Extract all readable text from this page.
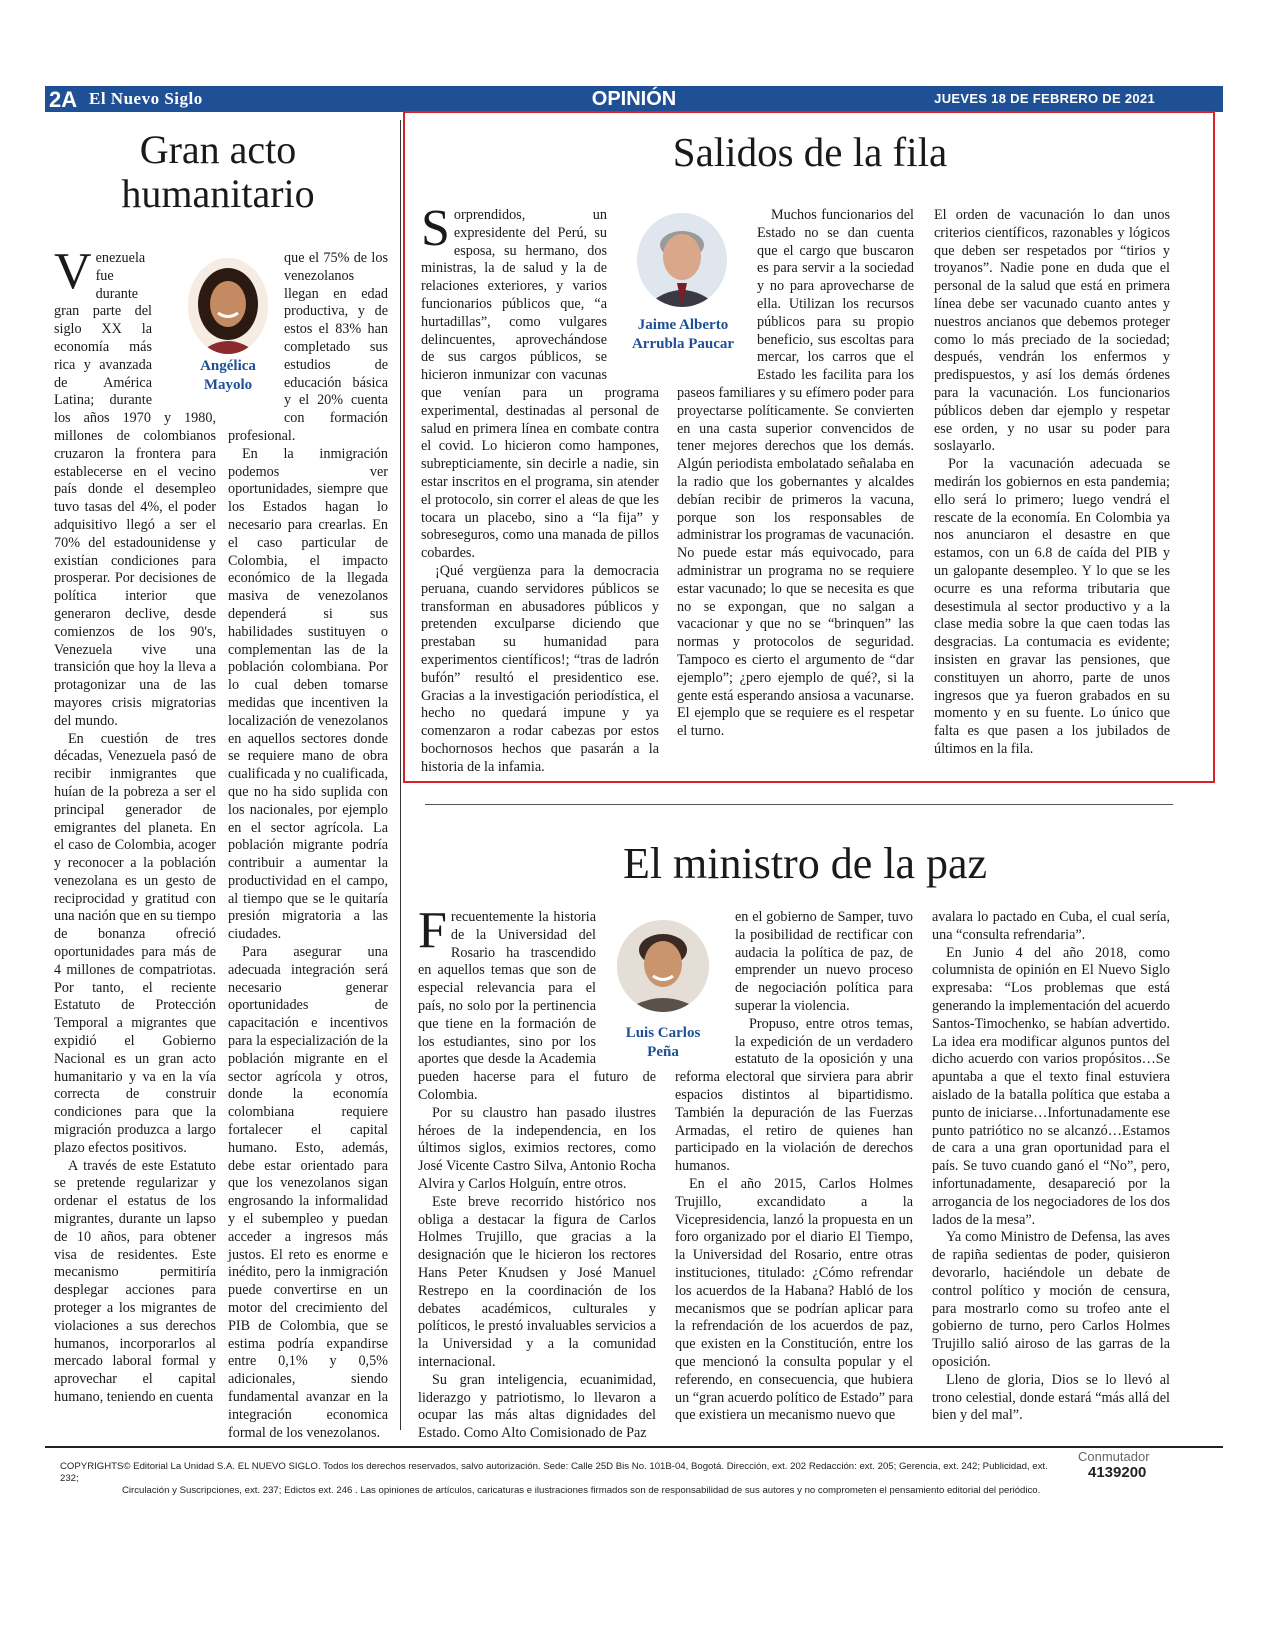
2A El Nuevo Siglo	OPINIÓN	JUEVES 18 DE FEBRERO DE 2021
Gran acto
humanitario
Angélica
Mayolo

Venezuela fue durante gran parte del siglo XX la economía más rica y avanzada de América Latina; durante los años 1970 y 1980, millones de colombianos cruzaron la frontera para establecerse en el vecino país donde el desempleo tuvo tasas del 4%, el poder adquisitivo llegó a ser el 70% del estadounidense y existían condiciones para prosperar. Por decisiones de política interior que generaron declive, desde comienzos de los 90's, Venezuela vive una transición que hoy la lleva a protagonizar una de las mayores crisis migratorias del mundo.

En cuestión de tres décadas, Venezuela pasó de recibir inmigrantes que huían de la pobreza a ser el principal generador de emigrantes del planeta. En el caso de Colombia, acoger y reconocer a la población venezolana es un gesto de reciprocidad y gratitud con una nación que en su tiempo de bonanza ofreció oportunidades para más de 4 millones de compatriotas. Por tanto, el reciente Estatuto de Protección Temporal a migrantes que expidió el Gobierno Nacional es un gran acto humanitario y va en la vía correcta de construir condiciones para que la migración produzca a largo plazo efectos positivos.

A través de este Estatuto se pretende regularizar y ordenar el estatus de los migrantes, durante un lapso de 10 años, para obtener visa de residentes. Este mecanismo permitiría desplegar acciones para proteger a los migrantes de violaciones a sus derechos humanos, incorporarlos al mercado laboral formal y aprovechar el capital humano, teniendo en cuenta

que el 75% de los venezolanos llegan en edad productiva, y de estos el 83% han completado sus estudios de educación básica y el 20% cuenta con formación profesional.

En la inmigración podemos ver oportunidades, siempre que los Estados hagan lo necesario para crearlas. En el caso particular de Colombia, el impacto económico de la llegada masiva de venezolanos dependerá si sus habilidades sustituyen o complementan las de la población colombiana. Por lo cual deben tomarse medidas que incentiven la localización de venezolanos en aquellos sectores donde se requiere mano de obra cualificada y no cualificada, que no ha sido suplida con los nacionales, por ejemplo en el sector agrícola. La población migrante podría contribuir a aumentar la productividad en el campo, al tiempo que se le quitaría presión migratoria a las ciudades.

Para asegurar una adecuada integración será necesario generar oportunidades de capacitación e incentivos para la especialización de la población migrante en el sector agrícola y otros, donde la economía colombiana requiere fortalecer el capital humano. Esto, además, debe estar orientado para que los venezolanos sigan engrosando la informalidad y el subempleo y puedan acceder a ingresos más justos. El reto es enorme e inédito, pero la inmigración puede convertirse en un motor del crecimiento del PIB de Colombia, que se estima podría expandirse entre 0,1% y 0,5% adicionales, siendo fundamental avanzar en la integración economica formal de los venezolanos.

Salidos de la fila
Jaime Alberto
Arrubla Paucar

Sorprendidos, un expresidente del Perú, su esposa, su hermano, dos ministras, la de salud y la de relaciones exteriores, y varios funcionarios públicos que, “a hurtadillas”, como vulgares delincuentes, aprovechándose de sus cargos públicos, se hicieron inmunizar con vacunas que venían para un programa experimental, destinadas al personal de salud en primera línea en combate contra el covid. Lo hicieron como hampones, subrepticiamente, sin decirle a nadie, sin estar inscritos en el programa, sin atender el protocolo, sin correr el aleas de que les tocara un placebo, sino a “la fija” y sobreseguros, como una manada de pillos cobardes.

¡Qué vergüenza para la democracia peruana, cuando servidores públicos se transforman en abusadores públicos y pretenden exculparse diciendo que prestaban su humanidad para experimentos científicos!; “tras de ladrón bufón” resultó el presidentico ese. Gracias a la investigación periodística, el hecho no quedará impune y ya comenzaron a rodar cabezas por estos bochornosos hechos que pasarán a la historia de la infamia.

Muchos funcionarios del Estado no se dan cuenta que el cargo que buscaron es para servir a la sociedad y no para aprovecharse de ella. Utilizan los recursos públicos para su propio beneficio, sus escoltas para mercar, los carros que el Estado les facilita para los paseos familiares y su efímero poder para proyectarse políticamente. Se convierten en una casta superior convencidos de tener mejores derechos que los demás. Algún periodista embolatado señalaba en la radio que los gobernantes y alcaldes debían recibir de primeros la vacuna, porque son los responsables de administrar los programas de vacunación. No puede estar más equivocado, para administrar un programa no se requiere estar vacunado; lo que se necesita es que no se expongan, que no salgan a vacacionar y que no se “brinquen” las normas y protocolos de seguridad. Tampoco es cierto el argumento de “dar ejemplo”; ¿pero ejemplo de qué?, si la gente está esperando ansiosa a vacunarse. El ejemplo que se requiere es el respetar el turno.

El orden de vacunación lo dan unos criterios científicos, razonables y lógicos que deben ser respetados por “tirios y troyanos”. Nadie pone en duda que el personal de la salud que está en primera línea debe ser vacunado cuanto antes y nuestros ancianos que debemos proteger como lo más preciado de la sociedad; después, vendrán los enfermos y predispuestos, y así los demás órdenes para la vacunación. Los funcionarios públicos deben dar ejemplo y respetar ese orden, y no usar su poder para soslayarlo.

Por la vacunación adecuada se medirán los gobiernos en esta pandemia; ello será lo primero; luego vendrá el rescate de la economía. En Colombia ya nos anunciaron el desastre en que estamos, con un 6.8 de caída del PIB y un galopante desempleo. Y lo que se les ocurre es una reforma tributaria que desestimula al sector productivo y a la clase media sobre la que caen todas las desgracias. La contumacia es evidente; insisten en gravar las pensiones, que constituyen un ahorro, parte de unos ingresos que ya fueron grabados en su momento y en su fuente. Lo único que falta es que pasen a los jubilados de últimos en la fila.

El ministro de la paz
Luis Carlos
Peña

Frecuentemente la historia de la Universidad del Rosario ha trascendido en aquellos temas que son de especial relevancia para el país, no solo por la pertinencia que tiene en la formación de los estudiantes, sino por los aportes que desde la Academia pueden hacerse para el futuro de Colombia.

Por su claustro han pasado ilustres héroes de la independencia, en los últimos siglos, eximios rectores, como José Vicente Castro Silva, Antonio Rocha Alvira y Carlos Holguín, entre otros.

Este breve recorrido histórico nos obliga a destacar la figura de Carlos Holmes Trujillo, que gracias a la designación que le hicieron los rectores Hans Peter Knudsen y José Manuel Restrepo en la coordinación de los debates académicos, culturales y políticos, le prestó invaluables servicios a la Universidad y a la comunidad internacional.

Su gran inteligencia, ecuanimidad, liderazgo y patriotismo, lo llevaron a ocupar las más altas dignidades del Estado. Como Alto Comisionado de Paz

en el gobierno de Samper, tuvo la posibilidad de rectificar con audacia la política de paz, de emprender un nuevo proceso de negociación política para superar la violencia.

Propuso, entre otros temas, la expedición de un verdadero estatuto de la oposición y una reforma electoral que sirviera para abrir espacios distintos al bipartidismo. También la depuración de las Fuerzas Armadas, el retiro de quienes han participado en la violación de derechos humanos.

En el año 2015, Carlos Holmes Trujillo, excandidato a la Vicepresidencia, lanzó la propuesta en un foro organizado por el diario El Tiempo, la Universidad del Rosario, entre otras instituciones, titulado: ¿Cómo refrendar los acuerdos de la Habana? Habló de los mecanismos que se podrían aplicar para la refrendación de los acuerdos de paz, que existen en la Constitución, entre los que mencionó la consulta popular y el referendo, en consecuencia, que hubiera un “gran acuerdo político de Estado” para que existiera un mecanismo nuevo que

avalara lo pactado en Cuba, el cual sería, una “consulta refrendaria”.

En Junio 4 del año 2018, como columnista de opinión en El Nuevo Siglo expresaba: “Los problemas que está generando la implementación del acuerdo Santos-Timochenko, se habían advertido. La idea era modificar algunos puntos del dicho acuerdo con varios propósitos…Se apuntaba a que el texto final estuviera aislado de la batalla política que estaba a punto de iniciarse…Infortunadamente ese punto patriótico no se alcanzó…Estamos de cara a una gran oportunidad para el país. Se tuvo cuando ganó el “No”, pero, infortunadamente, desapareció por la arrogancia de los negociadores de los dos lados de la mesa”.

Ya como Ministro de Defensa, las aves de rapiña sedientas de poder, quisieron devorarlo, haciéndole un debate de control político y moción de censura, para mostrarlo como su trofeo ante el gobierno de turno, pero Carlos Holmes Trujillo salió airoso de las garras de la oposición.

Lleno de gloria, Dios se lo llevó al trono celestial, donde estará “más allá del bien y del mal”.

COPYRIGHTS© Editorial La Unidad S.A. EL NUEVO SIGLO. Todos los derechos reservados, salvo autorización. Sede: Calle 25D Bis No. 101B-04, Bogotá. Dirección, ext. 202 Redacción: ext. 205; Gerencia, ext. 242; Publicidad, ext. 232;
Circulación y Suscripciones, ext. 237; Edictos ext. 246 . Las opiniones de artículos, caricaturas e ilustraciones firmados son de responsabilidad de sus autores y no comprometen el pensamiento editorial del periódico.
Conmutador
4139200
